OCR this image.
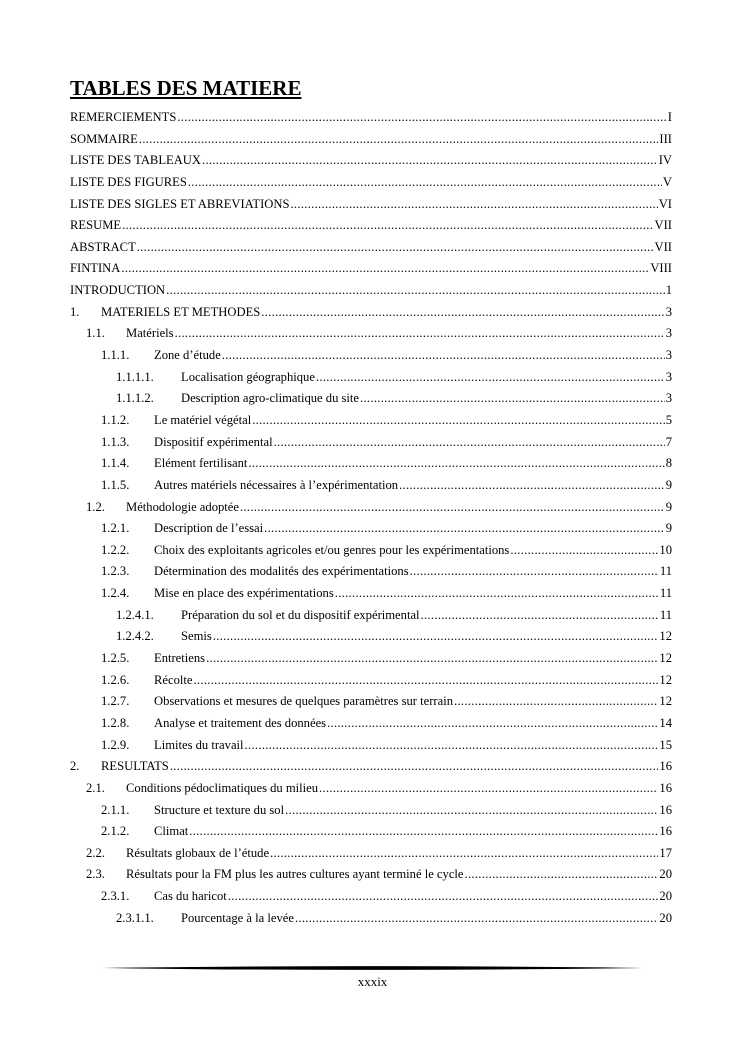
TABLES DES MATIERE
REMERCIEMENTS .....	I
SOMMAIRE .....	III
LISTE DES TABLEAUX .....	IV
LISTE DES FIGURES .....	V
LISTE DES SIGLES ET ABREVIATIONS .....	VI
RESUME .....	VII
ABSTRACT .....	VII
FINTINA .....	VIII
INTRODUCTION .....	1
1.	MATERIELS ET METHODES .....	3
1.1.	Matériels .....	3
1.1.1.	Zone d’étude .....	3
1.1.1.1.	Localisation géographique .....	3
1.1.1.2.	Description agro-climatique du site .....	3
1.1.2.	Le matériel végétal .....	5
1.1.3.	Dispositif expérimental .....	7
1.1.4.	Elément fertilisant .....	8
1.1.5.	Autres matériels nécessaires à l’expérimentation .....	9
1.2.	Méthodologie adoptée .....	9
1.2.1.	Description de l’essai .....	9
1.2.2.	Choix des exploitants agricoles et/ou genres pour les expérimentations .....	10
1.2.3.	Détermination des modalités des expérimentations .....	11
1.2.4.	Mise en place des expérimentations .....	11
1.2.4.1.	Préparation du sol et du dispositif expérimental .....	11
1.2.4.2.	Semis .....	12
1.2.5.	Entretiens .....	12
1.2.6.	Récolte .....	12
1.2.7.	Observations et mesures de quelques paramètres sur terrain .....	12
1.2.8.	Analyse et traitement des données .....	14
1.2.9.	Limites du travail .....	15
2.	RESULTATS .....	16
2.1.	Conditions pédoclimatiques du milieu .....	16
2.1.1.	Structure et texture du sol .....	16
2.1.2.	Climat .....	16
2.2.	Résultats globaux de l’étude .....	17
2.3.	Résultats pour la FM plus les autres cultures ayant terminé le cycle .....	20
2.3.1.	Cas du haricot .....	20
2.3.1.1.	Pourcentage à la levée .....	20
xxxix
